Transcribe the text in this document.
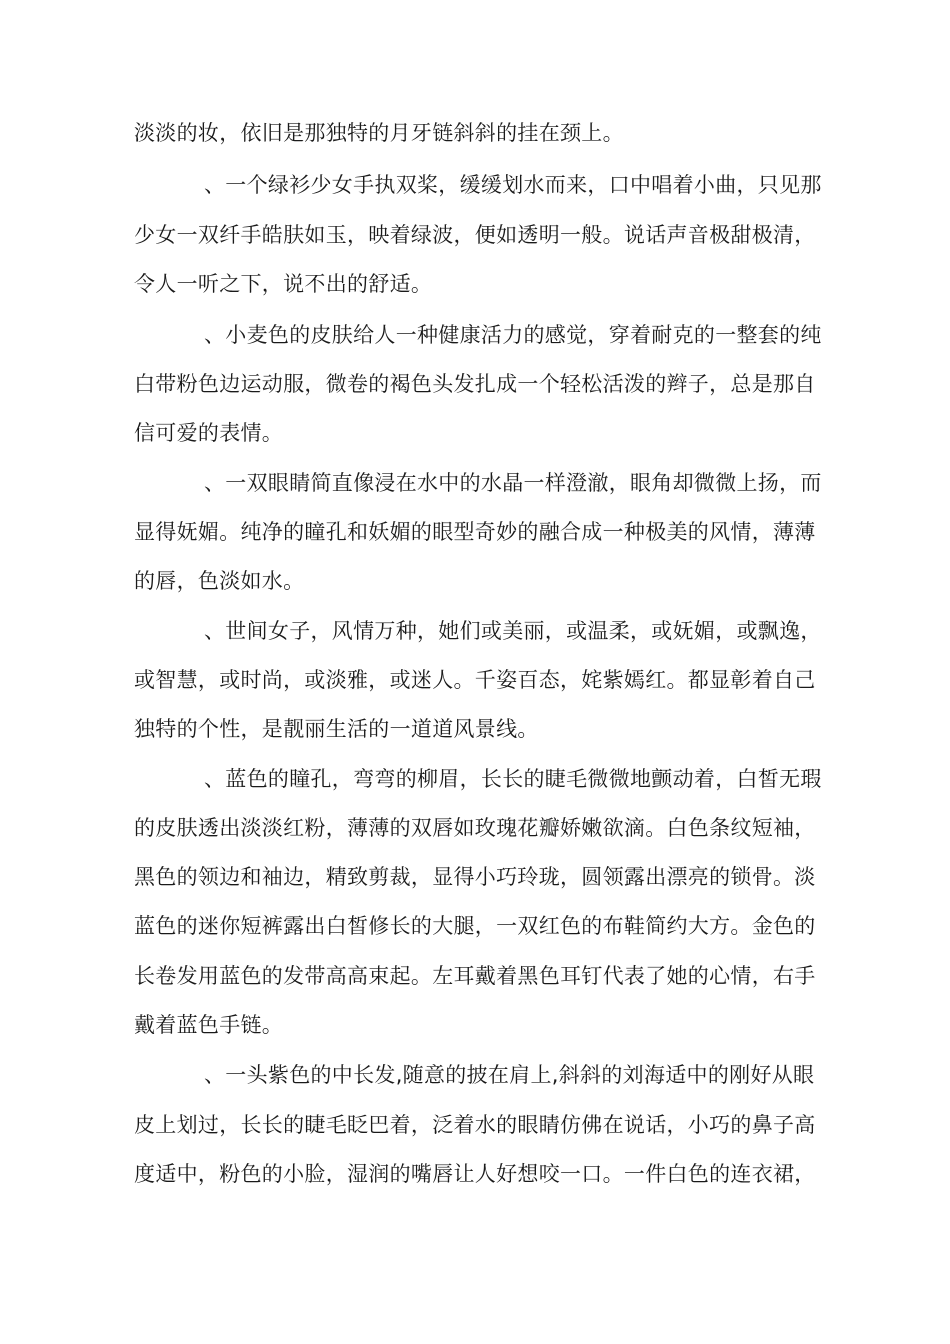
淡淡的妆，依旧是那独特的月牙链斜斜的挂在颈上。
、一个绿衫少女手执双桨，缓缓划水而来，口中唱着小曲，只见那
少女一双纤手皓肤如玉，映着绿波，便如透明一般。说话声音极甜极清，
令人一听之下，说不出的舒适。
、小麦色的皮肤给人一种健康活力的感觉，穿着耐克的一整套的纯
白带粉色边运动服，微卷的褐色头发扎成一个轻松活泼的辫子，总是那自
信可爱的表情。
、一双眼睛简直像浸在水中的水晶一样澄澈，眼角却微微上扬，而
显得妩媚。纯净的瞳孔和妖媚的眼型奇妙的融合成一种极美的风情，薄薄
的唇，色淡如水。
、世间女子，风情万种，她们或美丽，或温柔，或妩媚，或飘逸，
或智慧，或时尚，或淡雅，或迷人。千姿百态，姹紫嫣红。都显彰着自己
独特的个性，是靓丽生活的一道道风景线。
、蓝色的瞳孔，弯弯的柳眉，长长的睫毛微微地颤动着，白皙无瑕
的皮肤透出淡淡红粉，薄薄的双唇如玫瑰花瓣娇嫩欲滴。白色条纹短袖，
黑色的领边和袖边，精致剪裁，显得小巧玲珑，圆领露出漂亮的锁骨。淡
蓝色的迷你短裤露出白皙修长的大腿，一双红色的布鞋简约大方。金色的
长卷发用蓝色的发带高高束起。左耳戴着黑色耳钉代表了她的心情，右手
戴着蓝色手链。
、一头紫色的中长发,随意的披在肩上,斜斜的刘海适中的刚好从眼
皮上划过，长长的睫毛眨巴着，泛着水的眼睛仿佛在说话，小巧的鼻子高
度适中，粉色的小脸，湿润的嘴唇让人好想咬一口。一件白色的连衣裙，
